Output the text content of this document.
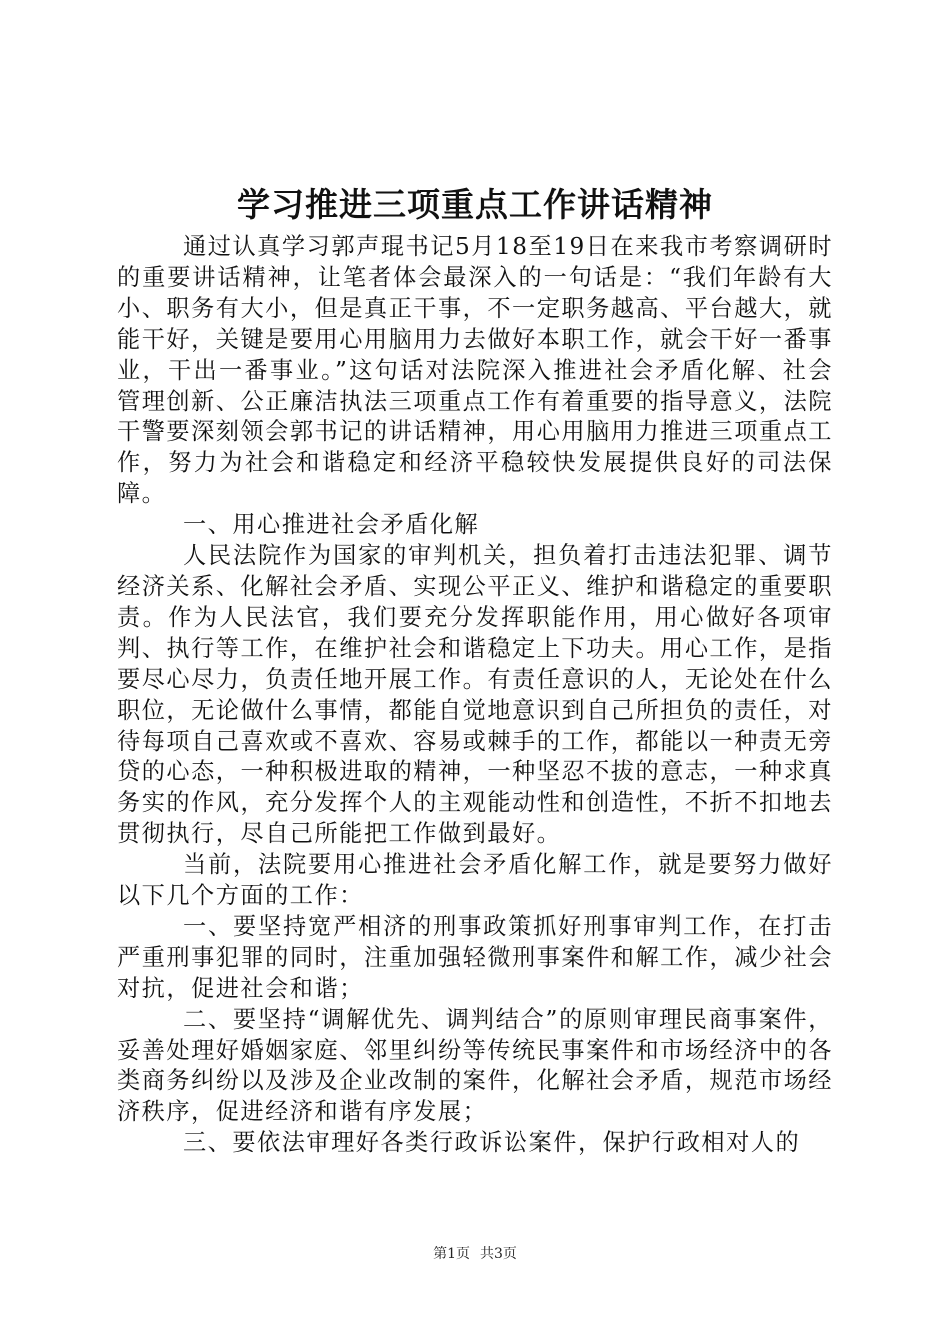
学习推进三项重点工作讲话精神

通过认真学习郭声琨书记5月18至19日在来我市考察调研时的重要讲话精神，让笔者体会最深入的一句话是：“我们年龄有大小、职务有大小，但是真正干事，不一定职务越高、平台越大，就能干好，关键是要用心用脑用力去做好本职工作，就会干好一番事业，干出一番事业。”这句话对法院深入推进社会矛盾化解、社会管理创新、公正廉洁执法三项重点工作有着重要的指导意义，法院干警要深刻领会郭书记的讲话精神，用心用脑用力推进三项重点工作，努力为社会和谐稳定和经济平稳较快发展提供良好的司法保障。

一、用心推进社会矛盾化解

人民法院作为国家的审判机关，担负着打击违法犯罪、调节经济关系、化解社会矛盾、实现公平正义、维护和谐稳定的重要职责。作为人民法官，我们要充分发挥职能作用，用心做好各项审判、执行等工作，在维护社会和谐稳定上下功夫。用心工作，是指要尽心尽力，负责任地开展工作。有责任意识的人，无论处在什么职位，无论做什么事情，都能自觉地意识到自己所担负的责任，对待每项自己喜欢或不喜欢、容易或棘手的工作，都能以一种责无旁贷的心态，一种积极进取的精神，一种坚忍不拔的意志，一种求真务实的作风，充分发挥个人的主观能动性和创造性，不折不扣地去贯彻执行，尽自己所能把工作做到最好。

当前，法院要用心推进社会矛盾化解工作，就是要努力做好以下几个方面的工作：

一、要坚持宽严相济的刑事政策抓好刑事审判工作，在打击严重刑事犯罪的同时，注重加强轻微刑事案件和解工作，减少社会对抗，促进社会和谐；

二、要坚持“调解优先、调判结合”的原则审理民商事案件，妥善处理好婚姻家庭、邻里纠纷等传统民事案件和市场经济中的各类商务纠纷以及涉及企业改制的案件，化解社会矛盾，规范市场经济秩序，促进经济和谐有序发展；

三、要依法审理好各类行政诉讼案件，保护行政相对人的

第1页 共3页
